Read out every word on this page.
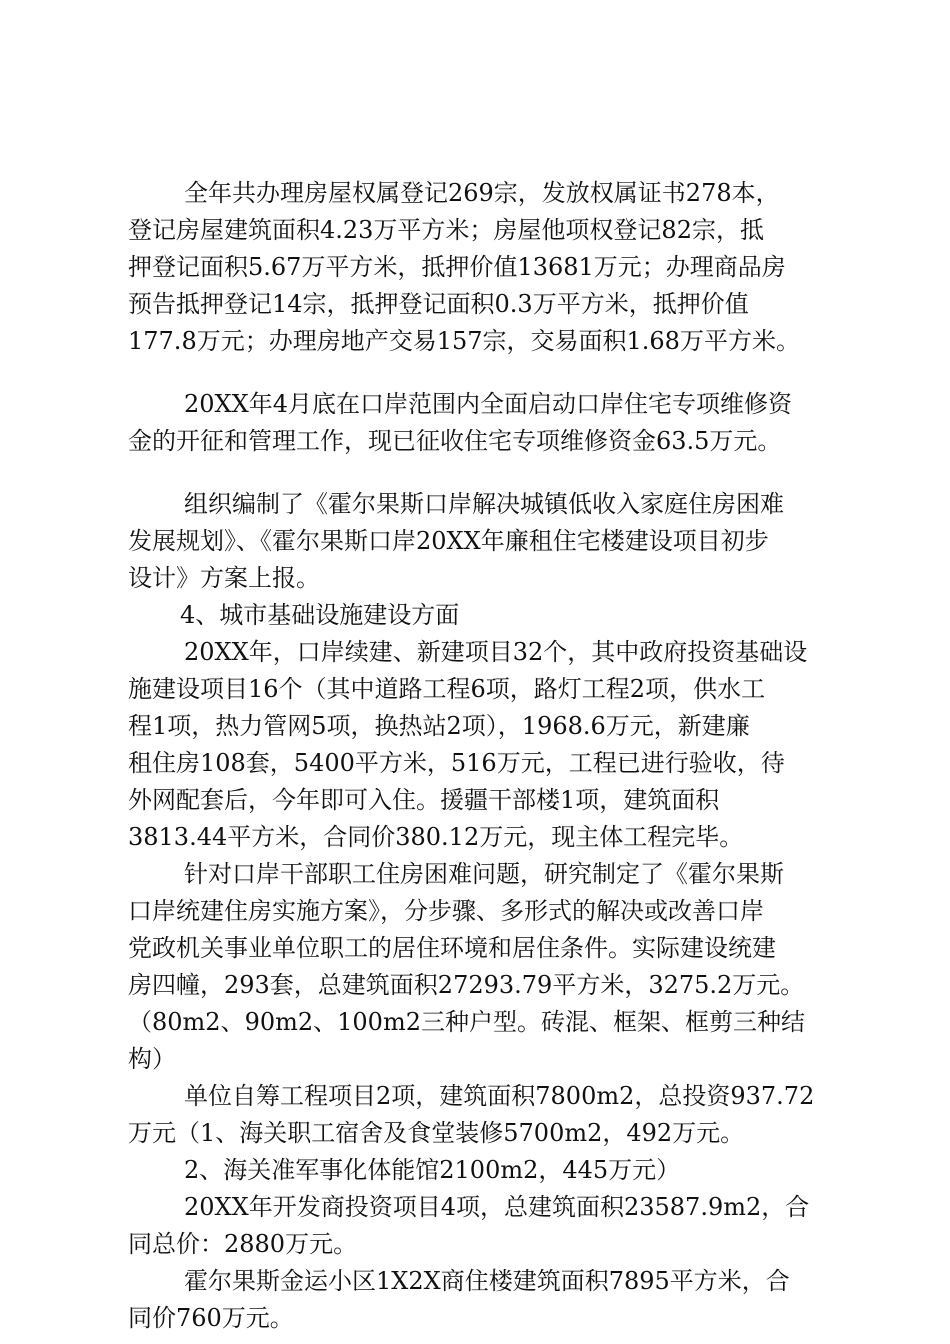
全年共办理房屋权属登记269宗，发放权属证书278本，

登记房屋建筑面积4.23万平方米；房屋他项权登记82宗，抵

押登记面积5.67万平方米，抵押价值13681万元；办理商品房

预告抵押登记14宗，抵押登记面积0.3万平方米，抵押价值

177.8万元；办理房地产交易157宗，交易面积1.68万平方米。

20XX年4月底在口岸范围内全面启动口岸住宅专项维修资

金的开征和管理工作，现已征收住宅专项维修资金63.5万元。

组织编制了《霍尔果斯口岸解决城镇低收入家庭住房困难

发展规划》、《霍尔果斯口岸20XX年廉租住宅楼建设项目初步

设计》方案上报。

4、城市基础设施建设方面

20XX年，口岸续建、新建项目32个，其中政府投资基础设

施建设项目16个（其中道路工程6项，路灯工程2项，供水工

程1项，热力管网5项，换热站2项），1968.6万元，新建廉

租住房108套，5400平方米，516万元，工程已进行验收，待

外网配套后，今年即可入住。援疆干部楼1项，建筑面积

3813.44平方米，合同价380.12万元，现主体工程完毕。

针对口岸干部职工住房困难问题，研究制定了《霍尔果斯

口岸统建住房实施方案》，分步骤、多形式的解决或改善口岸

党政机关事业单位职工的居住环境和居住条件。实际建设统建

房四幢，293套，总建筑面积27293.79平方米，3275.2万元。

（80m2、90m2、100m2三种户型。砖混、框架、框剪三种结

构）

单位自筹工程项目2项，建筑面积7800m2，总投资937.72

万元（1、海关职工宿舍及食堂装修5700m2，492万元。

2、海关准军事化体能馆2100m2，445万元）

20XX年开发商投资项目4项，总建筑面积23587.9m2，合

同总价：2880万元。

霍尔果斯金运小区1X2X商住楼建筑面积7895平方米，合

同价760万元。
